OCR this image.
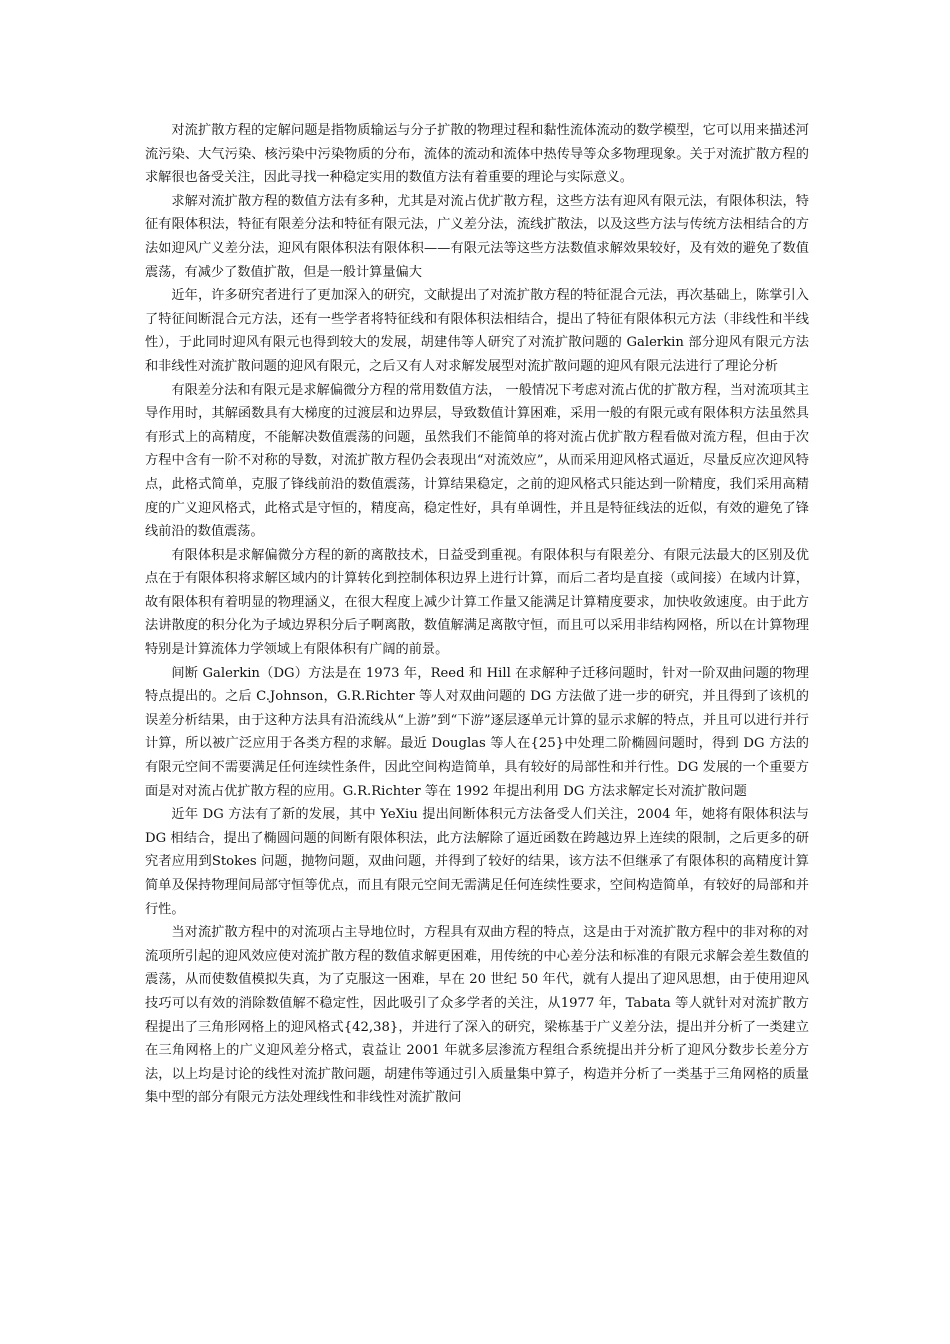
对流扩散方程的定解问题是指物质输运与分子扩散的物理过程和黏性流体流动的数学模型，它可以用来描述河流污染、大气污染、核污染中污染物质的分布，流体的流动和流体中热传导等众多物理现象。关于对流扩散方程的求解很也备受关注，因此寻找一种稳定实用的数值方法有着重要的理论与实际意义。

求解对流扩散方程的数值方法有多种，尤其是对流占优扩散方程，这些方法有迎风有限元法，有限体积法，特征有限体积法，特征有限差分法和特征有限元法，广义差分法，流线扩散法，以及这些方法与传统方法相结合的方法如迎风广义差分法，迎风有限体积法有限体积——有限元法等这些方法数值求解效果较好，及有效的避免了数值震荡，有减少了数值扩散，但是一般计算量偏大

近年，许多研究者进行了更加深入的研究，文献提出了对流扩散方程的特征混合元法，再次基础上，陈掌引入了特征间断混合元方法，还有一些学者将特征线和有限体积法相结合，提出了特征有限体积元方法（非线性和半线性），于此同时迎风有限元也得到较大的发展，胡建伟等人研究了对流扩散问题的 Galerkin 部分迎风有限元方法和非线性对流扩散问题的迎风有限元，之后又有人对求解发展型对流扩散问题的迎风有限元法进行了理论分析

有限差分法和有限元是求解偏微分方程的常用数值方法， 一般情况下考虑对流占优的扩散方程，当对流项其主导作用时，其解函数具有大梯度的过渡层和边界层，导致数值计算困难，采用一般的有限元或有限体积方法虽然具有形式上的高精度，不能解决数值震荡的问题，虽然我们不能简单的将对流占优扩散方程看做对流方程，但由于次方程中含有一阶不对称的导数，对流扩散方程仍会表现出“对流效应”，从而采用迎风格式逼近，尽量反应次迎风特点，此格式简单，克服了锋线前沿的数值震荡，计算结果稳定，之前的迎风格式只能达到一阶精度，我们采用高精度的广义迎风格式，此格式是守恒的，精度高，稳定性好，具有单调性，并且是特征线法的近似，有效的避免了锋线前沿的数值震荡。

有限体积是求解偏微分方程的新的离散技术，日益受到重视。有限体积与有限差分、有限元法最大的区别及优点在于有限体积将求解区域内的计算转化到控制体积边界上进行计算，而后二者均是直接（或间接）在域内计算，故有限体积有着明显的物理涵义，在很大程度上减少计算工作量又能满足计算精度要求，加快收敛速度。由于此方法讲散度的积分化为子域边界积分后子啊离散，数值解满足离散守恒，而且可以采用非结构网格，所以在计算物理特别是计算流体力学领域上有限体积有广阔的前景。

间断 Galerkin（DG）方法是在 1973 年，Reed 和 Hill 在求解种子迁移问题时，针对一阶双曲问题的物理特点提出的。之后 C.Johnson，G.R.Richter 等人对双曲问题的 DG 方法做了进一步的研究，并且得到了该机的误差分析结果，由于这种方法具有沿流线从“上游”到“下游”逐层逐单元计算的显示求解的特点，并且可以进行并行计算，所以被广泛应用于各类方程的求解。最近 Douglas 等人在{25}中处理二阶椭圆问题时，得到 DG 方法的有限元空间不需要满足任何连续性条件，因此空间构造简单，具有较好的局部性和并行性。DG 发展的一个重要方面是对对流占优扩散方程的应用。G.R.Richter 等在 1992 年提出利用 DG 方法求解定长对流扩散问题

近年 DG 方法有了新的发展，其中 YeXiu 提出间断体积元方法备受人们关注，2004 年，她将有限体积法与 DG 相结合，提出了椭圆问题的间断有限体积法，此方法解除了逼近函数在跨越边界上连续的限制，之后更多的研究者应用到Stokes 问题，抛物问题，双曲问题，并得到了较好的结果，该方法不但继承了有限体积的高精度计算简单及保持物理间局部守恒等优点，而且有限元空间无需满足任何连续性要求，空间构造简单，有较好的局部和并行性。

当对流扩散方程中的对流项占主导地位时，方程具有双曲方程的特点，这是由于对流扩散方程中的非对称的对流项所引起的迎风效应使对流扩散方程的数值求解更困难，用传统的中心差分法和标准的有限元求解会差生数值的震荡，从而使数值模拟失真，为了克服这一困难，早在 20 世纪 50 年代，就有人提出了迎风思想，由于使用迎风技巧可以有效的消除数值解不稳定性，因此吸引了众多学者的关注，从1977 年，Tabata 等人就针对对流扩散方程提出了三角形网格上的迎风格式{42,38}，并进行了深入的研究，梁栋基于广义差分法，提出并分析了一类建立在三角网格上的广义迎风差分格式，袁益让 2001 年就多层渗流方程组合系统提出并分析了迎风分数步长差分方法，以上均是讨论的线性对流扩散问题，胡建伟等通过引入质量集中算子，构造并分析了一类基于三角网格的质量集中型的部分有限元方法处理线性和非线性对流扩散问
